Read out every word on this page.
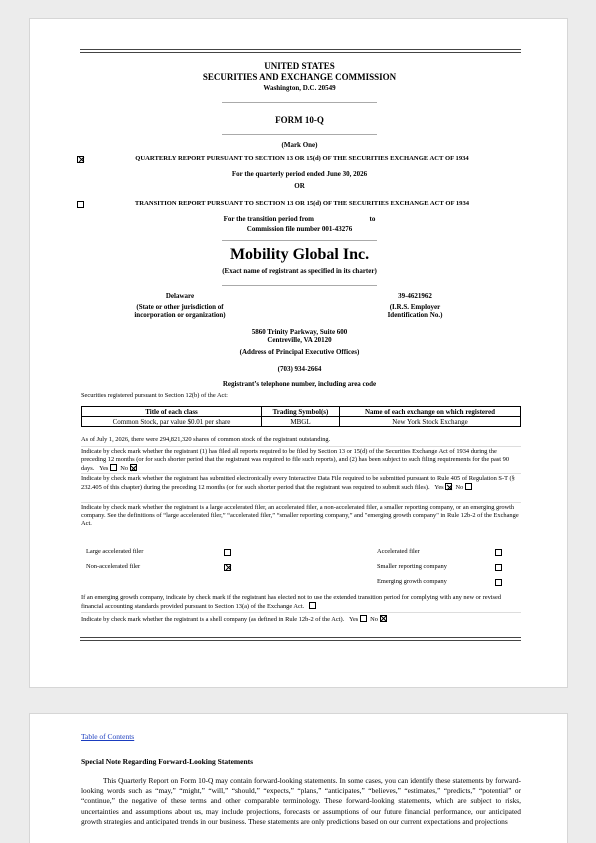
UNITED STATES
SECURITIES AND EXCHANGE COMMISSION
Washington, D.C. 20549
FORM 10-Q
(Mark One)
QUARTERLY REPORT PURSUANT TO SECTION 13 OR 15(d) OF THE SECURITIES EXCHANGE ACT OF 1934
For the quarterly period ended June 30, 2026
OR
TRANSITION REPORT PURSUANT TO SECTION 13 OR 15(d) OF THE SECURITIES EXCHANGE ACT OF 1934
For the transition period from	to
Commission file number 001-43276
Mobility Global Inc.
(Exact name of registrant as specified in its charter)
Delaware
(State or other jurisdiction of
incorporation or organization)
39-4621962
(I.R.S. Employer
Identification No.)
5860 Trinity Parkway, Suite 600
Centreville, VA 20120
(Address of Principal Executive Offices)
(703) 934-2664
Registrant’s telephone number, including area code
Securities registered pursuant to Section 12(b) of the Act:
Title of each class	Trading Symbol(s)	Name of each exchange on which registered
Common Stock, par value $0.01 per share	MBGL	New York Stock Exchange
As of July 1, 2026, there were 294,821,320 shares of common stock of the registrant outstanding.
Indicate by check mark whether the registrant (1) has filed all reports required to be filed by Section 13 or 15(d) of the Securities Exchange Act of 1934 during the preceding 12 months (or for such shorter period that the registrant was required to file such reports), and (2) has been subject to such filing requirements for the past 90 days. Yes No
Indicate by check mark whether the registrant has submitted electronically every Interactive Data File required to be submitted pursuant to Rule 405 of Regulation S-T (§ 232.405 of this chapter) during the preceding 12 months (or for such shorter period that the registrant was required to submit such files). Yes No
Indicate by check mark whether the registrant is a large accelerated filer, an accelerated filer, a non-accelerated filer, a smaller reporting company, or an emerging growth company. See the definitions of “large accelerated filer,” “accelerated filer,” “smaller reporting company,” and "emerging growth company" in Rule 12b-2 of the Exchange Act.
Large accelerated filer
Non-accelerated filer
Accelerated filer
Smaller reporting company
Emerging growth company
If an emerging growth company, indicate by check mark if the registrant has elected not to use the extended transition period for complying with any new or revised financial accounting standards provided pursuant to Section 13(a) of the Exchange Act.
Indicate by check mark whether the registrant is a shell company (as defined in Rule 12b-2 of the Act). Yes No
Table of Contents
Special Note Regarding Forward-Looking Statements
This Quarterly Report on Form 10-Q may contain forward-looking statements. In some cases, you can identify these statements by forward-looking words such as “may,” “might,” “will,” “should,” “expects,” “plans,” “anticipates,” “believes,” “estimates,” “predicts,” “potential” or “continue,” the negative of these terms and other comparable terminology. These forward-looking statements, which are subject to risks, uncertainties and assumptions about us, may include projections, forecasts or assumptions of our future financial performance, our anticipated growth strategies and anticipated trends in our business. These statements are only predictions based on our current expectations and projections
